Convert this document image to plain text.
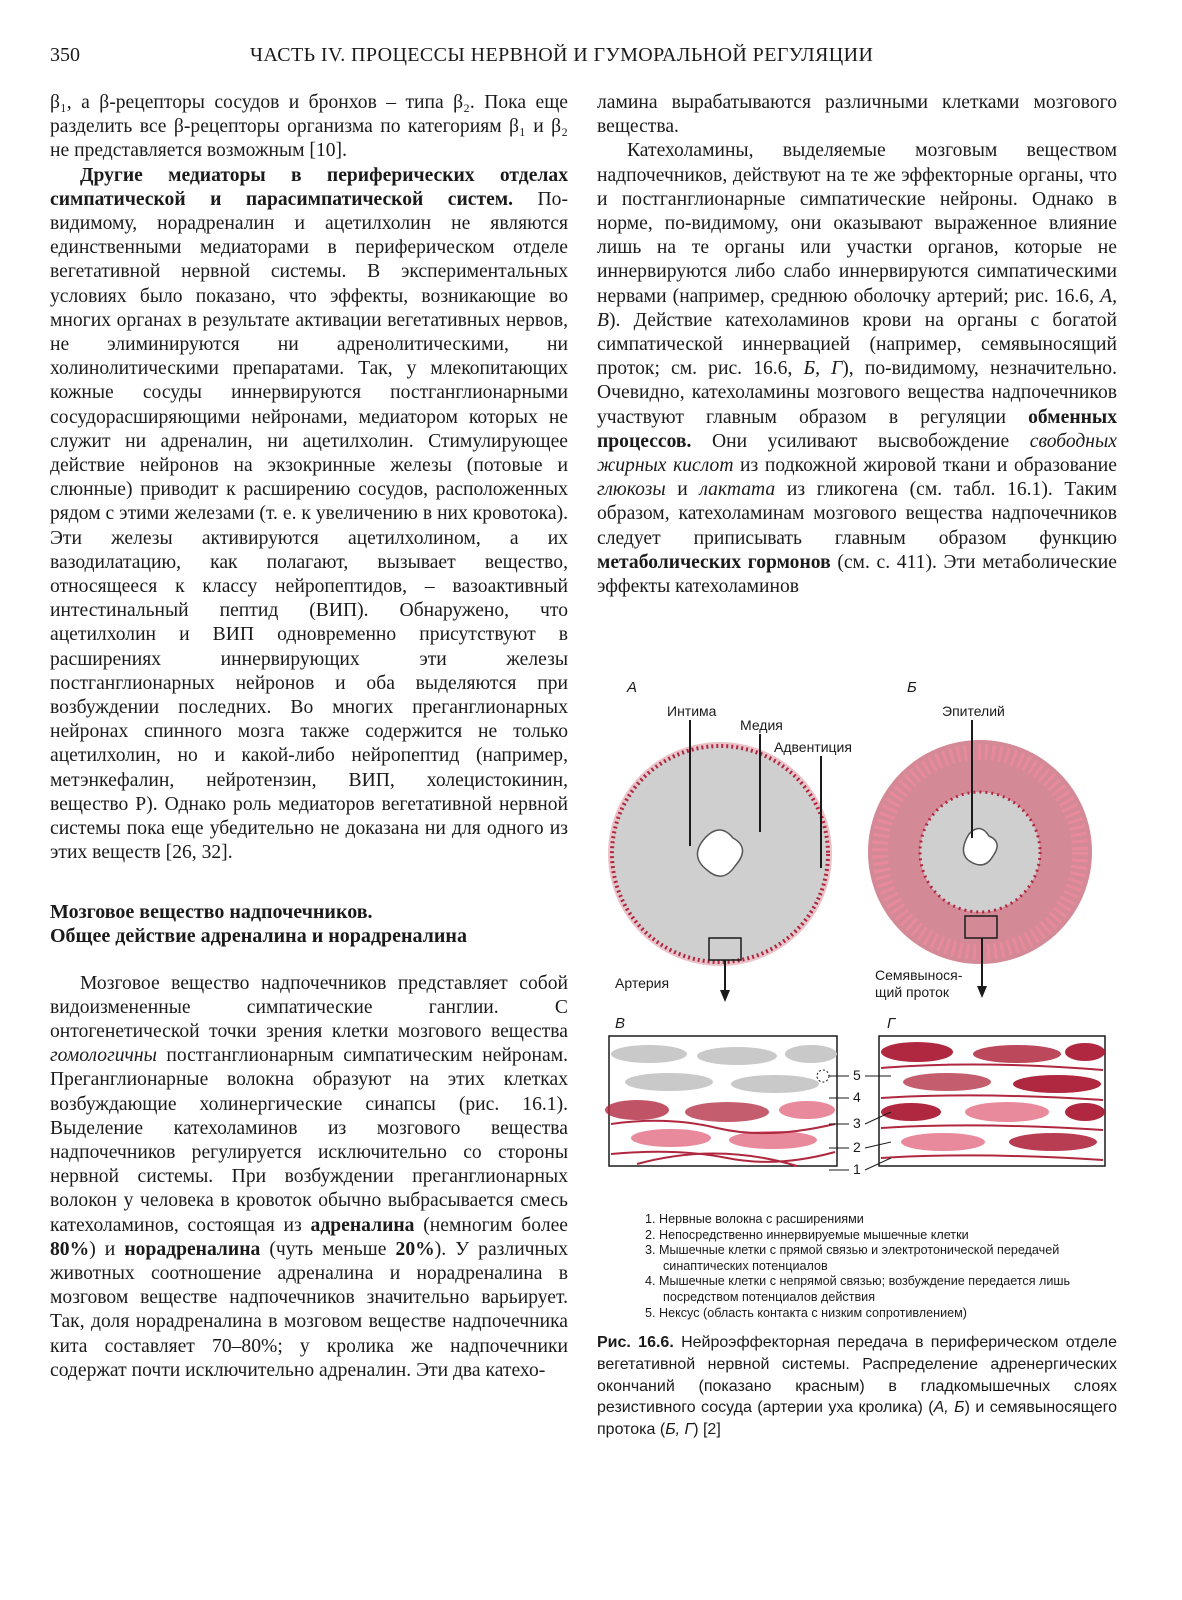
350	ЧАСТЬ IV. ПРОЦЕССЫ НЕРВНОЙ И ГУМОРАЛЬНОЙ РЕГУЛЯЦИИ

β₁, а β-рецепторы сосудов и бронхов – типа β₂. Пока еще разделить все β-рецепторы организма по категориям β₁ и β₂ не представляется возможным [10].

Другие медиаторы в периферических отделах симпатической и парасимпатической систем. По-видимому, норадреналин и ацетилхолин не являются единственными медиаторами в периферическом отделе вегетативной нервной системы. В экспериментальных условиях было показано, что эффекты, возникающие во многих органах в результате активации вегетативных нервов, не элиминируются ни адренолитическими, ни холинолитическими препаратами. Так, у млекопитающих кожные сосуды иннервируются постганглионарными сосудорасширяющими нейронами, медиатором которых не служит ни адреналин, ни ацетилхолин. Стимулирующее действие нейронов на экзокринные железы (потовые и слюнные) приводит к расширению сосудов, расположенных рядом с этими железами (т. е. к увеличению в них кровотока). Эти железы активируются ацетилхолином, а их вазодилатацию, как полагают, вызывает вещество, относящееся к классу нейропептидов, – вазоактивный интестинальный пептид (ВИП). Обнаружено, что ацетилхолин и ВИП одновременно присутствуют в расширениях иннервирующих эти железы постганглионарных нейронов и оба выделяются при возбуждении последних. Во многих преганглионарных нейронах спинного мозга также содержится не только ацетилхолин, но и какой-либо нейропептид (например, метэнкефалин, нейротензин, ВИП, холецистокинин, вещество Р). Однако роль медиаторов вегетативной нервной системы пока еще убедительно не доказана ни для одного из этих веществ [26, 32].

Мозговое вещество надпочечников.
Общее действие адреналина и норадреналина

Мозговое вещество надпочечников представляет собой видоизмененные симпатические ганглии. С онтогенетической точки зрения клетки мозгового вещества гомологичны постганглионарным симпатическим нейронам. Преганглионарные волокна образуют на этих клетках возбуждающие холинергические синапсы (рис. 16.1). Выделение катехоламинов из мозгового вещества надпочечников регулируется исключительно со стороны нервной системы. При возбуждении преганглионарных волокон у человека в кровоток обычно выбрасывается смесь катехоламинов, состоящая из адреналина (немногим более 80%) и норадреналина (чуть меньше 20%). У различных животных соотношение адреналина и норадреналина в мозговом веществе надпочечников значительно варьирует. Так, доля норадреналина в мозговом веществе надпочечника кита составляет 70–80%; у кролика же надпочечники содержат почти исключительно адреналин. Эти два катехо-

ламина вырабатываются различными клетками мозгового вещества.

Катехоламины, выделяемые мозговым веществом надпочечников, действуют на те же эффекторные органы, что и постганглионарные симпатические нейроны. Однако в норме, по-видимому, они оказывают выраженное влияние лишь на те органы или участки органов, которые не иннервируются либо слабо иннервируются симпатическими нервами (например, среднюю оболочку артерий; рис. 16.6, А, В). Действие катехоламинов крови на органы с богатой симпатической иннервацией (например, семявыносящий проток; см. рис. 16.6, Б, Г), по-видимому, незначительно. Очевидно, катехоламины мозгового вещества надпочечников участвуют главным образом в регуляции обменных процессов. Они усиливают высвобождение свободных жирных кислот из подкожной жировой ткани и образование глюкозы и лактата из гликогена (см. табл. 16.1). Таким образом, катехоламинам мозгового вещества надпочечников следует приписывать главным образом функцию метаболических гормонов (см. с. 411). Эти метаболические эффекты катехоламинов

А	Б
Интима
Медия
Адвентиция
Эпителий
Артерия	Семявынося-
щий проток
В	Г
5
4
3
2
1

1. Нервные волокна с расширениями

2. Непосредственно иннервируемые мышечные клетки

3. Мышечные клетки с прямой связью и электротонической передачей синаптических потенциалов

4. Мышечные клетки с непрямой связью; возбуждение передается лишь посредством потенциалов действия

5. Нексус (область контакта с низким сопротивлением)

Рис. 16.6. Нейроэффекторная передача в периферическом отделе вегетативной нервной системы. Распределение адренергических окончаний (показано красным) в гладкомышечных слоях резистивного сосуда (артерии уха кролика) (А, Б) и семявыносящего протока (Б, Г) [2]
